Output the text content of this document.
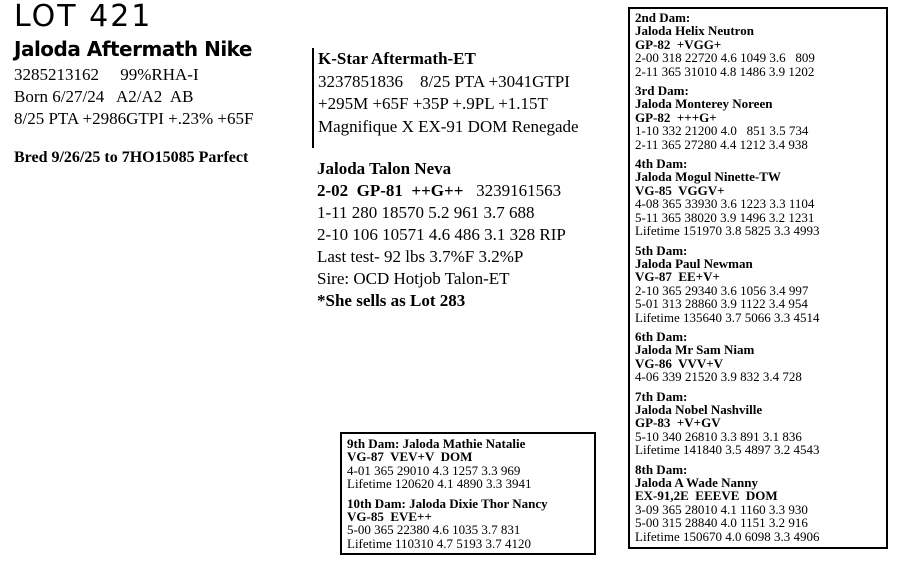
LOT 421
Jaloda Aftermath Nike
3285213162     99%RHA-I
Born 6/27/24   A2/A2  AB
8/25 PTA +2986GTPI +.23% +65F
Bred 9/26/25 to 7HO15085 Parfect
K-Star Aftermath-ET
3237851836    8/25 PTA +3041GTPI
+295M +65F +35P +.9PL +1.15T
Magnifique X EX-91 DOM Renegade
Jaloda Talon Neva
2-02  GP-81  ++G++   3239161563
1-11 280 18570 5.2 961 3.7 688
2-10 106 10571 4.6 486 3.1 328 RIP
Last test- 92 lbs 3.7%F 3.2%P
Sire: OCD Hotjob Talon-ET
*She sells as Lot 283
2nd Dam:
Jaloda Helix Neutron
GP-82  +VGG+
2-00 318 22720 4.6 1049 3.6   809
2-11 365 31010 4.8 1486 3.9 1202
3rd Dam:
Jaloda Monterey Noreen
GP-82  +++G+
1-10 332 21200 4.0   851 3.5 734
2-11 365 27280 4.4 1212 3.4 938
4th Dam:
Jaloda Mogul Ninette-TW
VG-85  VGGV+
4-08 365 33930 3.6 1223 3.3 1104
5-11 365 38020 3.9 1496 3.2 1231
Lifetime 151970 3.8 5825 3.3 4993
5th Dam:
Jaloda Paul Newman
VG-87  EE+V+
2-10 365 29340 3.6 1056 3.4 997
5-01 313 28860 3.9 1122 3.4 954
Lifetime 135640 3.7 5066 3.3 4514
6th Dam:
Jaloda Mr Sam Niam
VG-86  VVV+V
4-06 339 21520 3.9 832 3.4 728
7th Dam:
Jaloda Nobel Nashville
GP-83  +V+GV
5-10 340 26810 3.3 891 3.1 836
Lifetime 141840 3.5 4897 3.2 4543
8th Dam:
Jaloda A Wade Nanny
EX-91,2E  EEEVE  DOM
3-09 365 28010 4.1 1160 3.3 930
5-00 315 28840 4.0 1151 3.2 916
Lifetime 150670 4.0 6098 3.3 4906
9th Dam: Jaloda Mathie Natalie
VG-87  VEV+V  DOM
4-01 365 29010 4.3 1257 3.3 969
Lifetime 120620 4.1 4890 3.3 3941
10th Dam: Jaloda Dixie Thor Nancy
VG-85  EVE++
5-00 365 22380 4.6 1035 3.7 831
Lifetime 110310 4.7 5193 3.7 4120
